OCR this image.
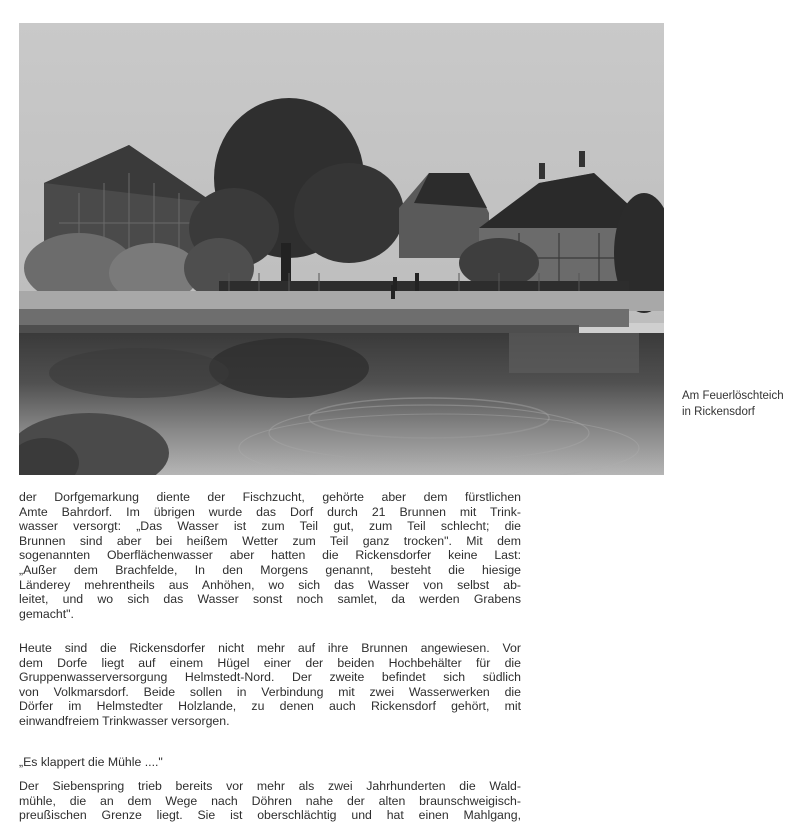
Am Feuerlöschteich
in Rickensdorf
der Dorfgemarkung diente der Fischzucht, gehörte aber dem fürstlichen
Amte Bahrdorf. Im übrigen wurde das Dorf durch 21 Brunnen mit Trink-
wasser versorgt: „Das Wasser ist zum Teil gut, zum Teil schlecht; die
Brunnen sind aber bei heißem Wetter zum Teil ganz trocken". Mit dem
sogenannten Oberflächenwasser aber hatten die Rickensdorfer keine Last:
„Außer dem Brachfelde, In den Morgens genannt, besteht die hiesige
Länderey mehrentheils aus Anhöhen, wo sich das Wasser von selbst ab-
leitet, und wo sich das Wasser sonst noch samlet, da werden Grabens
gemacht".
Heute sind die Rickensdorfer nicht mehr auf ihre Brunnen angewiesen. Vor
dem Dorfe liegt auf einem Hügel einer der beiden Hochbehälter für die
Gruppenwasserversorgung Helmstedt-Nord. Der zweite befindet sich südlich
von Volkmarsdorf. Beide sollen in Verbindung mit zwei Wasserwerken die
Dörfer im Helmstedter Holzlande, zu denen auch Rickensdorf gehört, mit
einwandfreiem Trinkwasser versorgen.
„Es klappert die Mühle ...."
Der Siebenspring trieb bereits vor mehr als zwei Jahrhunderten die Wald-
mühle, die an dem Wege nach Döhren nahe der alten braunschweigisch-
preußischen Grenze liegt. Sie ist oberschlächtig und hat einen Mahlgang,
